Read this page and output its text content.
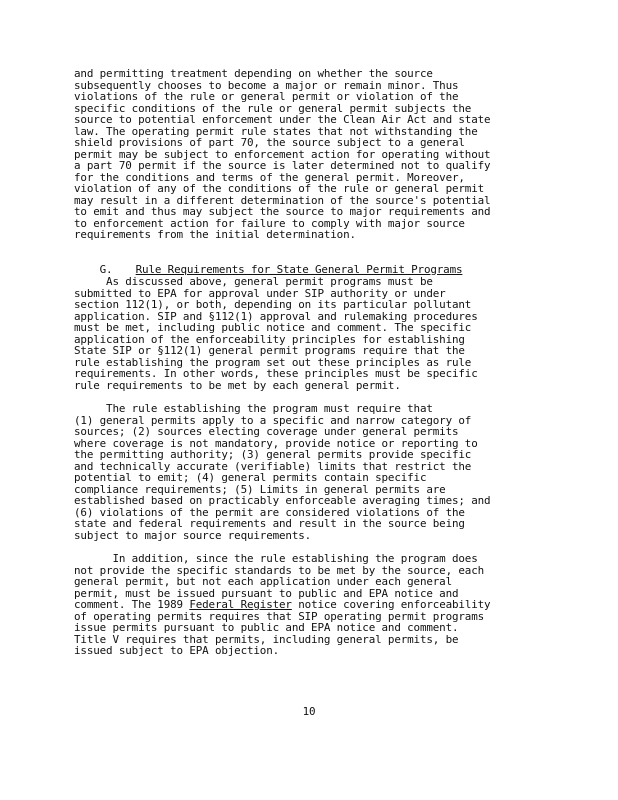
and permitting treatment depending on whether the source
subsequently chooses to become a major or remain minor. Thus
violations of the rule or general permit or violation of the
specific conditions of the rule or general permit subjects the
source to potential enforcement under the Clean Air Act and state
law. The operating permit rule states that not withstanding the
shield provisions of part 70, the source subject to a general
permit may be subject to enforcement action for operating without
a part 70 permit if the source is later determined not to qualify
for the conditions and terms of the general permit. Moreover,
violation of any of the conditions of the rule or general permit
may result in a different determination of the source's potential
to emit and thus may subject the source to major requirements and
to enforcement action for failure to comply with major source
requirements from the initial determination.

G. Rule Requirements for State General Permit Programs

As discussed above, general permit programs must be
submitted to EPA for approval under SIP authority or under
section 112(1), or both, depending on its particular pollutant
application. SIP and §112(1) approval and rulemaking procedures
must be met, including public notice and comment. The specific
application of the enforceability principles for establishing
State SIP or §112(1) general permit programs require that the
rule establishing the program set out these principles as rule
requirements. In other words, these principles must be specific
rule requirements to be met by each general permit.
The rule establishing the program must require that
(1) general permits apply to a specific and narrow category of
sources; (2) sources electing coverage under general permits
where coverage is not mandatory, provide notice or reporting to
the permitting authority; (3) general permits provide specific
and technically accurate (verifiable) limits that restrict the
potential to emit; (4) general permits contain specific
compliance requirements; (5) Limits in general permits are
established based on practicably enforceable averaging times; and
(6) violations of the permit are considered violations of the
state and federal requirements and result in the source being
subject to major source requirements.
In addition, since the rule establishing the program does
not provide the specific standards to be met by the source, each
general permit, but not each application under each general
permit, must be issued pursuant to public and EPA notice and
comment. The 1989 Federal Register notice covering enforceability
of operating permits requires that SIP operating permit programs
issue permits pursuant to public and EPA notice and comment.
Title V requires that permits, including general permits, be
issued subject to EPA objection.
10
